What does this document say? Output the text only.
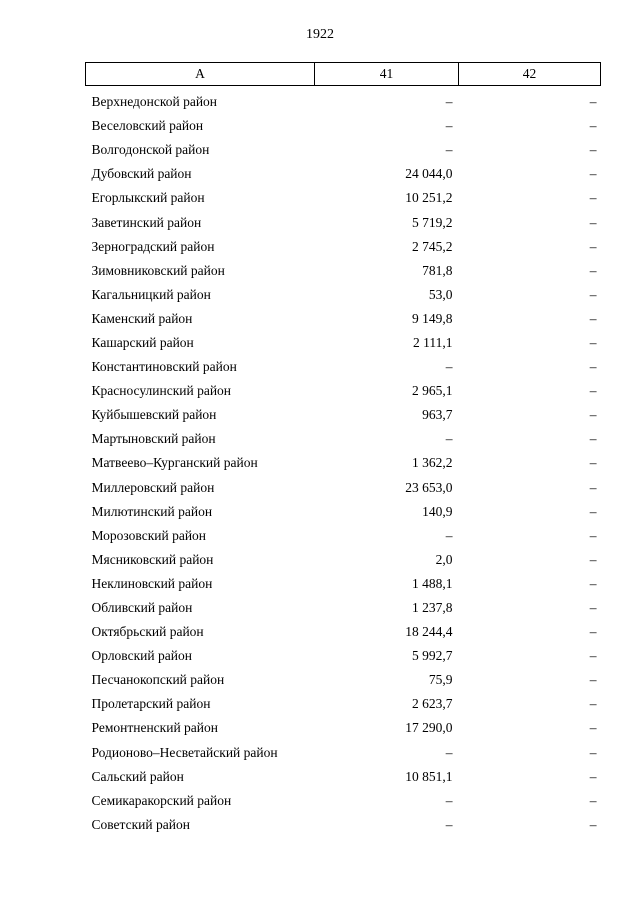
1922
А	41	42
Верхнедонской район	–	–
Веселовский район	–	–
Волгодонской район	–	–
Дубовский район	24 044,0	–
Егорлыкский район	10 251,2	–
Заветинский район	5 719,2	–
Зерноградский район	2 745,2	–
Зимовниковский район	781,8	–
Кагальницкий район	53,0	–
Каменский район	9 149,8	–
Кашарский район	2 111,1	–
Константиновский район	–	–
Красносулинский район	2 965,1	–
Куйбышевский район	963,7	–
Мартыновский район	–	–
Матвеево–Курганский район	1 362,2	–
Миллеровский район	23 653,0	–
Милютинский район	140,9	–
Морозовский район	–	–
Мясниковский район	2,0	–
Неклиновский район	1 488,1	–
Обливский район	1 237,8	–
Октябрьский район	18 244,4	–
Орловский район	5 992,7	–
Песчанокопский район	75,9	–
Пролетарский район	2 623,7	–
Ремонтненский район	17 290,0	–
Родионово–Несветайский район	–	–
Сальский район	10 851,1	–
Семикаракорский район	–	–
Советский район	–	–
